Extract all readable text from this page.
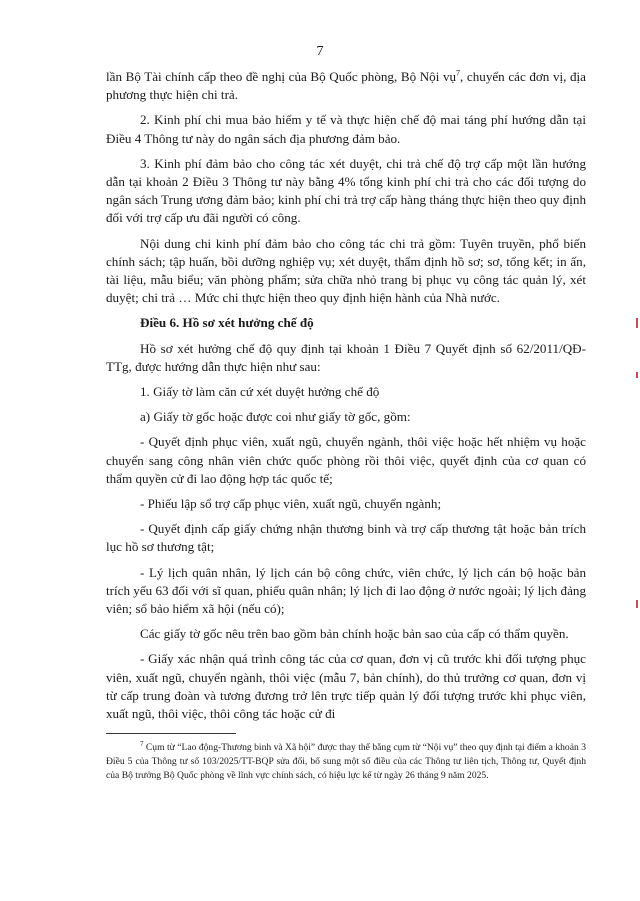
7

lần Bộ Tài chính cấp theo đề nghị của Bộ Quốc phòng, Bộ Nội vụ$^7$, chuyển các đơn vị, địa phương thực hiện chi trả.

2. Kinh phí chi mua bảo hiểm y tế và thực hiện chế độ mai táng phí hướng dẫn tại Điều 4 Thông tư này do ngân sách địa phương đảm bảo.

3. Kinh phí đảm bảo cho công tác xét duyệt, chi trả chế độ trợ cấp một lần hướng dẫn tại khoản 2 Điều 3 Thông tư này bằng 4% tổng kinh phí chi trả cho các đối tượng do ngân sách Trung ương đảm bảo; kinh phí chi trả trợ cấp hàng tháng thực hiện theo quy định đối với trợ cấp ưu đãi người có công.

Nội dung chi kinh phí đảm bảo cho công tác chi trả gồm: Tuyên truyền, phổ biến chính sách; tập huấn, bồi dưỡng nghiệp vụ; xét duyệt, thẩm định hồ sơ; sơ, tổng kết; in ấn, tài liệu, mẫu biểu; văn phòng phẩm; sửa chữa nhỏ trang bị phục vụ công tác quản lý, xét duyệt; chi trả … Mức chi thực hiện theo quy định hiện hành của Nhà nước.

Điều 6. Hồ sơ xét hưởng chế độ

Hồ sơ xét hưởng chế độ quy định tại khoản 1 Điều 7 Quyết định số 62/2011/QĐ-TTg, được hướng dẫn thực hiện như sau:

1. Giấy tờ làm căn cứ xét duyệt hưởng chế độ

a) Giấy tờ gốc hoặc được coi như giấy tờ gốc, gồm:

- Quyết định phục viên, xuất ngũ, chuyển ngành, thôi việc hoặc hết nhiệm vụ hoặc chuyển sang công nhân viên chức quốc phòng rồi thôi việc, quyết định của cơ quan có thẩm quyền cử đi lao động hợp tác quốc tế;

- Phiếu lập sổ trợ cấp phục viên, xuất ngũ, chuyển ngành;

- Quyết định cấp giấy chứng nhận thương binh và trợ cấp thương tật hoặc bản trích lục hồ sơ thương tật;

- Lý lịch quân nhân, lý lịch cán bộ công chức, viên chức, lý lịch cán bộ hoặc bản trích yếu 63 đối với sĩ quan, phiếu quân nhân; lý lịch đi lao động ở nước ngoài; lý lịch đảng viên; sổ bảo hiểm xã hội (nếu có);

Các giấy tờ gốc nêu trên bao gồm bản chính hoặc bản sao của cấp có thẩm quyền.

- Giấy xác nhận quá trình công tác của cơ quan, đơn vị cũ trước khi đối tượng phục viên, xuất ngũ, chuyển ngành, thôi việc (mẫu 7, bản chính), do thủ trưởng cơ quan, đơn vị từ cấp trung đoàn và tương đương trở lên trực tiếp quản lý đối tượng trước khi phục viên, xuất ngũ, thôi việc, thôi công tác hoặc cử đi

$^7$ Cụm từ “Lao động-Thương binh và Xã hội” được thay thế bằng cụm từ “Nội vụ” theo quy định tại điểm a khoản 3 Điều 5 của Thông tư số 103/2025/TT-BQP sửa đổi, bổ sung một số điều của các Thông tư liên tịch, Thông tư, Quyết định của Bộ trưởng Bộ Quốc phòng về lĩnh vực chính sách, có hiệu lực kể từ ngày 26 tháng 9 năm 2025.
